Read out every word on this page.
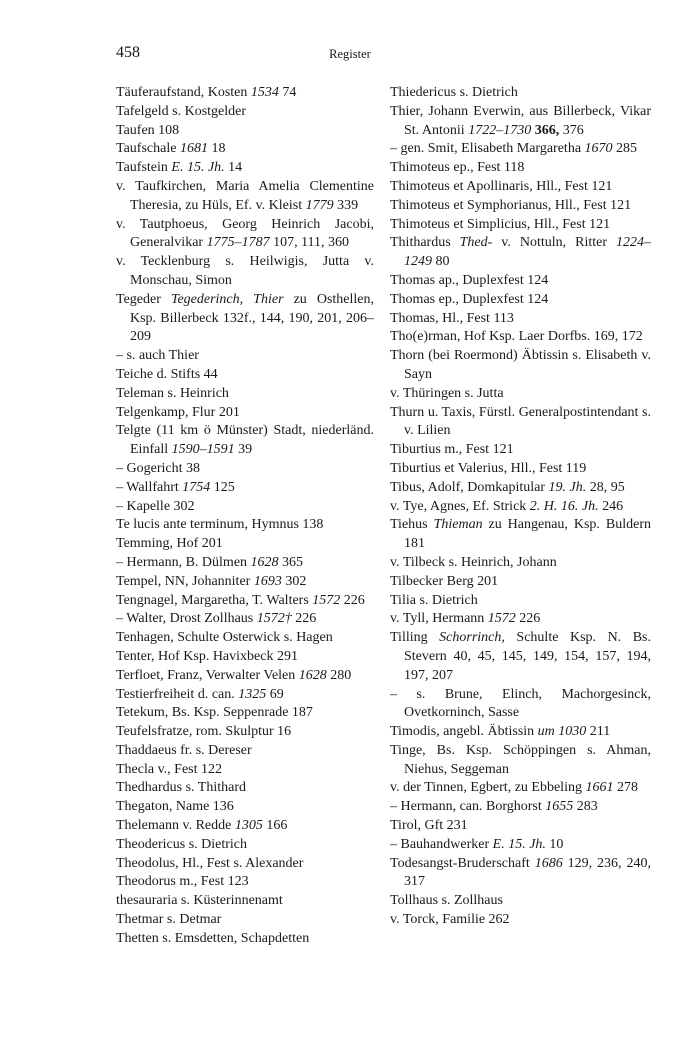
458	Register
Täuferaufstand, Kosten 1534 74
Tafelgeld s. Kostgelder
Taufen 108
Taufschale 1681 18
Taufstein E. 15. Jh. 14
v. Taufkirchen, Maria Amelia Clementine Theresia, zu Hüls, Ef. v. Kleist 1779 339
v. Tautphoeus, Georg Heinrich Jacobi, Generalvikar 1775–1787 107, 111, 360
v. Tecklenburg s. Heilwigis, Jutta v. Monschau, Simon
Tegeder Tegederinch, Thier zu Osthellen, Ksp. Billerbeck 132f., 144, 190, 201, 206–209
– s. auch Thier
Teiche d. Stifts 44
Teleman s. Heinrich
Telgenkamp, Flur 201
Telgte (11 km ö Münster) Stadt, niederländ. Einfall 1590–1591 39
– Gogericht 38
– Wallfahrt 1754 125
– Kapelle 302
Te lucis ante terminum, Hymnus 138
Temming, Hof 201
– Hermann, B. Dülmen 1628 365
Tempel, NN, Johanniter 1693 302
Tengnagel, Margaretha, T. Walters 1572 226
– Walter, Drost Zollhaus 1572† 226
Tenhagen, Schulte Osterwick s. Hagen
Tenter, Hof Ksp. Havixbeck 291
Terfloet, Franz, Verwalter Velen 1628 280
Testierfreiheit d. can. 1325 69
Tetekum, Bs. Ksp. Seppenrade 187
Teufelsfratze, rom. Skulptur 16
Thaddaeus fr. s. Dereser
Thecla v., Fest 122
Thedhardus s. Thithard
Thegaton, Name 136
Thelemann v. Redde 1305 166
Theodericus s. Dietrich
Theodolus, Hl., Fest s. Alexander
Theodorus m., Fest 123
thesauraria s. Küsterinnenamt
Thetmar s. Detmar
Thetten s. Emsdetten, Schapdetten
Thiedericus s. Dietrich
Thier, Johann Everwin, aus Billerbeck, Vikar St. Antonii 1722–1730 366, 376
– gen. Smit, Elisabeth Margaretha 1670 285
Thimoteus ep., Fest 118
Thimoteus et Apollinaris, Hll., Fest 121
Thimoteus et Symphorianus, Hll., Fest 121
Thimoteus et Simplicius, Hll., Fest 121
Thithardus Thed- v. Nottuln, Ritter 1224–1249 80
Thomas ap., Duplexfest 124
Thomas ep., Duplexfest 124
Thomas, Hl., Fest 113
Tho(e)rman, Hof Ksp. Laer Dorfbs. 169, 172
Thorn (bei Roermond) Äbtissin s. Elisabeth v. Sayn
v. Thüringen s. Jutta
Thurn u. Taxis, Fürstl. Generalpostintendant s. v. Lilien
Tiburtius m., Fest 121
Tiburtius et Valerius, Hll., Fest 119
Tibus, Adolf, Domkapitular 19. Jh. 28, 95
v. Tye, Agnes, Ef. Strick 2. H. 16. Jh. 246
Tiehus Thieman zu Hangenau, Ksp. Buldern 181
v. Tilbeck s. Heinrich, Johann
Tilbecker Berg 201
Tilia s. Dietrich
v. Tyll, Hermann 1572 226
Tilling Schorrinch, Schulte Ksp. N. Bs. Stevern 40, 45, 145, 149, 154, 157, 194, 197, 207
– s. Brune, Elinch, Machorgesinck, Ovetkorninch, Sasse
Timodis, angebl. Äbtissin um 1030 211
Tinge, Bs. Ksp. Schöppingen s. Ahman, Niehus, Seggeman
v. der Tinnen, Egbert, zu Ebbeling 1661 278
– Hermann, can. Borghorst 1655 283
Tirol, Gft 231
– Bauhandwerker E. 15. Jh. 10
Todesangst-Bruderschaft 1686 129, 236, 240, 317
Tollhaus s. Zollhaus
v. Torck, Familie 262
